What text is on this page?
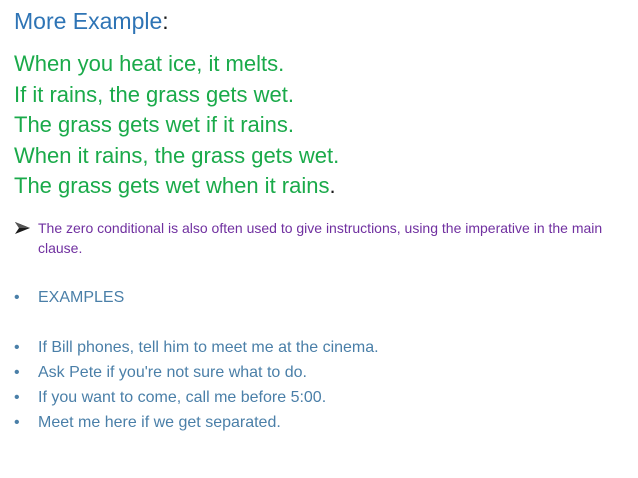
More Example:
When you heat ice, it melts.
If it rains, the grass gets wet.
The grass gets wet if it rains.
When it rains, the grass gets wet.
The grass gets wet when it rains.
The zero conditional is also often used to give instructions, using the imperative in the main clause.
• EXAMPLES
• If Bill phones, tell him to meet me at the cinema.
• Ask Pete if you're not sure what to do.
• If you want to come, call me before 5:00.
• Meet me here if we get separated.
